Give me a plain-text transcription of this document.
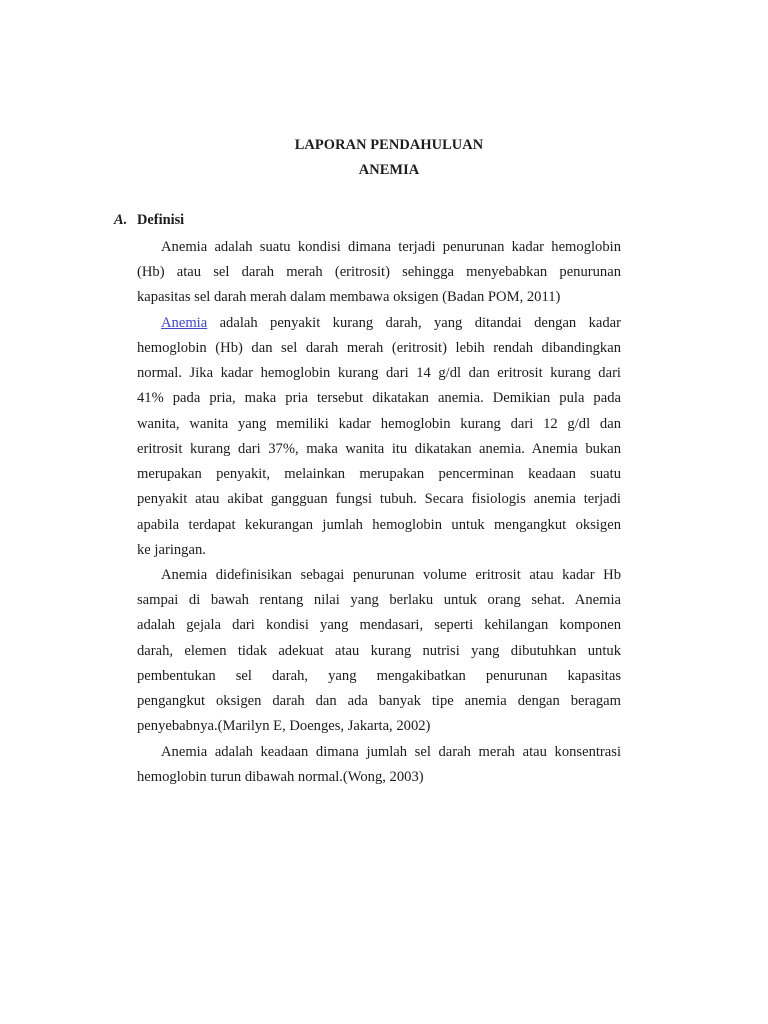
LAPORAN PENDAHULUAN
ANEMIA
A. Definisi
Anemia adalah suatu kondisi dimana terjadi penurunan kadar hemoglobin
(Hb) atau sel darah merah (eritrosit) sehingga menyebabkan penurunan
kapasitas sel darah merah dalam membawa oksigen (Badan POM, 2011)
Anemia adalah penyakit kurang darah, yang ditandai dengan kadar
hemoglobin (Hb) dan sel darah merah (eritrosit) lebih rendah dibandingkan
normal. Jika kadar hemoglobin kurang dari 14 g/dl dan eritrosit kurang dari
41% pada pria, maka pria tersebut dikatakan anemia. Demikian pula pada
wanita, wanita yang memiliki kadar hemoglobin kurang dari 12 g/dl dan
eritrosit kurang dari 37%, maka wanita itu dikatakan anemia. Anemia bukan
merupakan penyakit, melainkan merupakan pencerminan keadaan suatu
penyakit atau akibat gangguan fungsi tubuh. Secara fisiologis anemia terjadi
apabila terdapat kekurangan jumlah hemoglobin untuk mengangkut oksigen
ke jaringan.
Anemia didefinisikan sebagai penurunan volume eritrosit atau kadar Hb
sampai di bawah rentang nilai yang berlaku untuk orang sehat. Anemia
adalah gejala dari kondisi yang mendasari, seperti kehilangan komponen
darah, elemen tidak adekuat atau kurang nutrisi yang dibutuhkan untuk
pembentukan sel darah, yang mengakibatkan penurunan kapasitas
pengangkut oksigen darah dan ada banyak tipe anemia dengan beragam
penyebabnya.(Marilyn E, Doenges, Jakarta, 2002)
Anemia adalah keadaan dimana jumlah sel darah merah atau konsentrasi
hemoglobin turun dibawah normal.(Wong, 2003)
